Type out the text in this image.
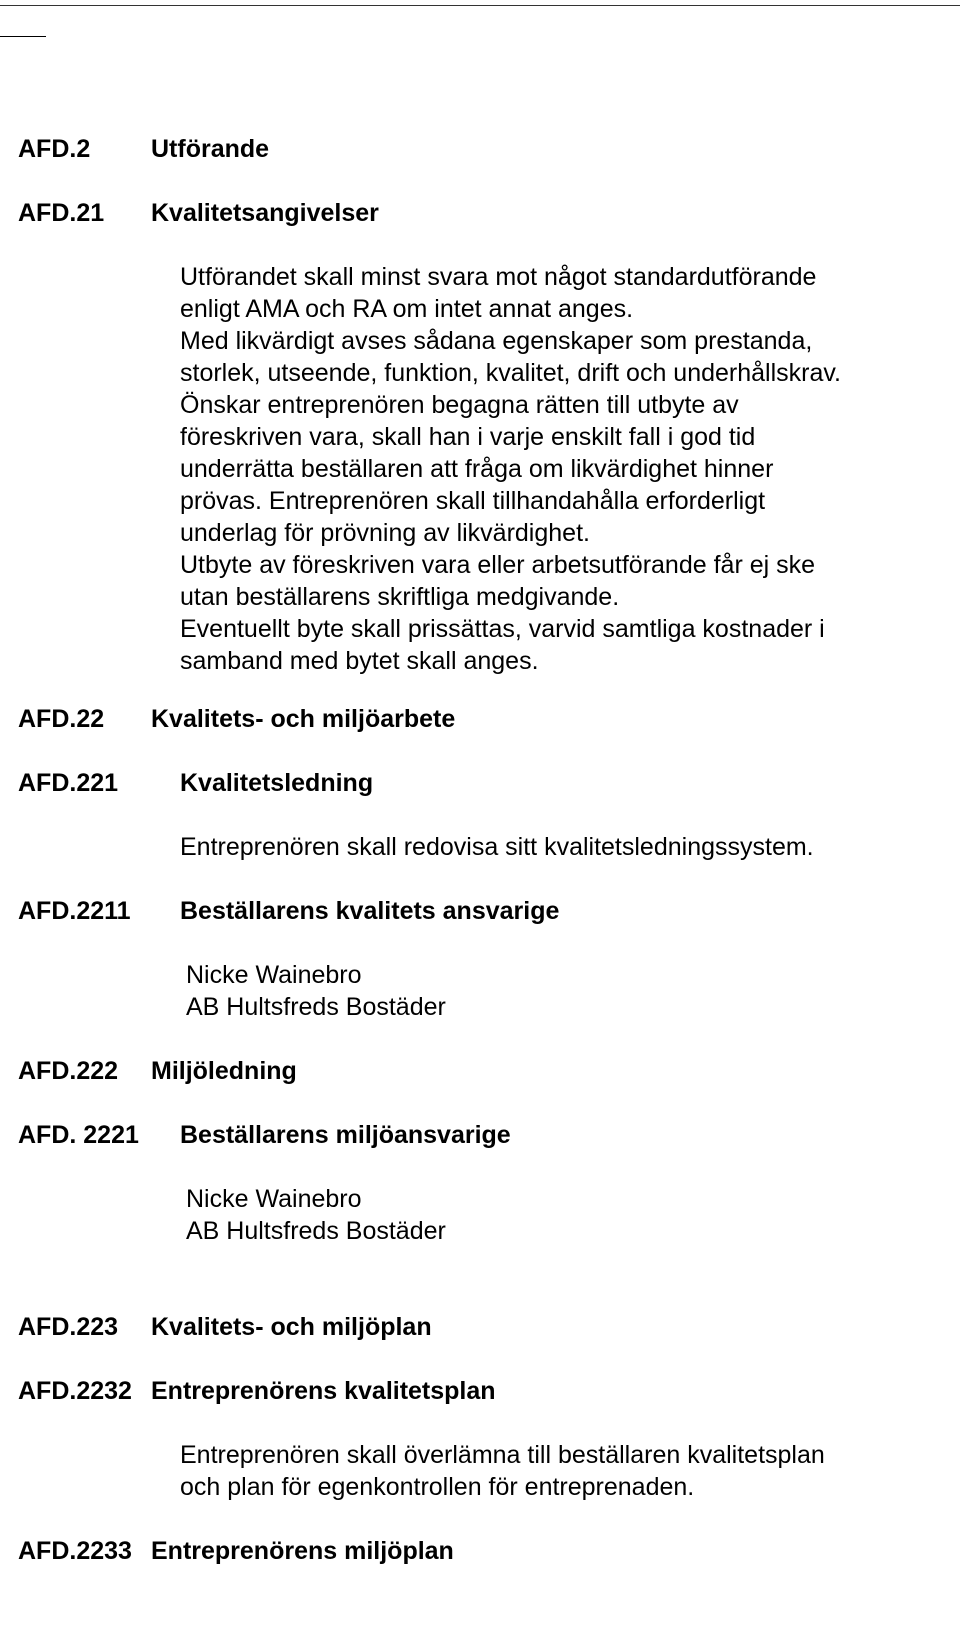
AFD.2 Utförande
AFD.21 Kvalitetsangivelser
Utförandet skall minst svara mot något standardutförande
enligt AMA och RA om intet annat anges.
Med likvärdigt avses sådana egenskaper som prestanda,
storlek, utseende, funktion, kvalitet, drift och underhållskrav.
Önskar entreprenören begagna rätten till utbyte av
föreskriven vara, skall han i varje enskilt fall i god tid
underrätta beställaren att fråga om likvärdighet hinner
prövas. Entreprenören skall tillhandahålla erforderligt
underlag för prövning av likvärdighet.
Utbyte av föreskriven vara eller arbetsutförande får ej ske
utan beställarens skriftliga medgivande.
Eventuellt byte skall prissättas, varvid samtliga kostnader i
samband med bytet skall anges.
AFD.22 Kvalitets- och miljöarbete
AFD.221 Kvalitetsledning
Entreprenören skall redovisa sitt kvalitetsledningssystem.
AFD.2211 Beställarens kvalitets ansvarige
Nicke Wainebro
AB Hultsfreds Bostäder
AFD.222 Miljöledning
AFD. 2221 Beställarens miljöansvarige
Nicke Wainebro
AB Hultsfreds Bostäder
AFD.223 Kvalitets- och miljöplan
AFD.2232 Entreprenörens kvalitetsplan
Entreprenören skall överlämna till beställaren kvalitetsplan
och plan för egenkontrollen för entreprenaden.
AFD.2233 Entreprenörens miljöplan
